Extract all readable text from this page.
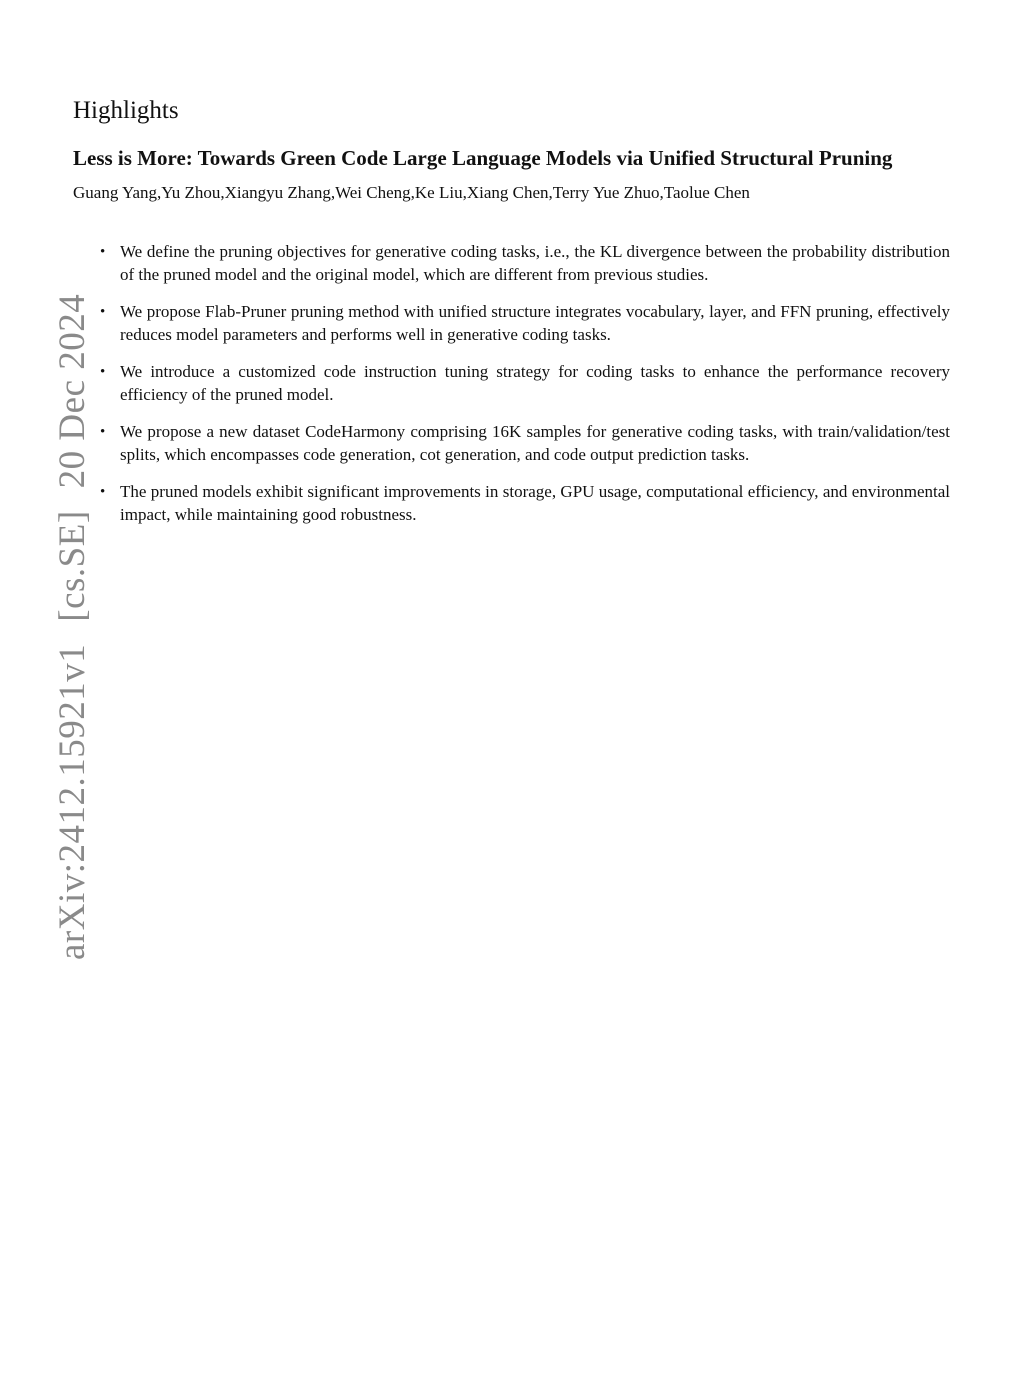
arXiv:2412.15921v1[cs.SE]20 Dec 2024
Highlights
Less is More: Towards Green Code Large Language Models via Unified Structural Pruning
Guang Yang,Yu Zhou,Xiangyu Zhang,Wei Cheng,Ke Liu,Xiang Chen,Terry Yue Zhuo,Taolue Chen
• We define the pruning objectives for generative coding tasks, i.e., the KL divergence between the probability distribution of the pruned model and the original model, which are different from previous studies.
• We propose Flab-Pruner pruning method with unified structure integrates vocabulary, layer, and FFN pruning, effectively reduces model parameters and performs well in generative coding tasks.
• We introduce a customized code instruction tuning strategy for coding tasks to enhance the performance recovery efficiency of the pruned model.
• We propose a new dataset CodeHarmony comprising 16K samples for generative coding tasks, with train/validation/test splits, which encompasses code generation, cot generation, and code output prediction tasks.
• The pruned models exhibit significant improvements in storage, GPU usage, computational efficiency, and environmental impact, while maintaining good robustness.
